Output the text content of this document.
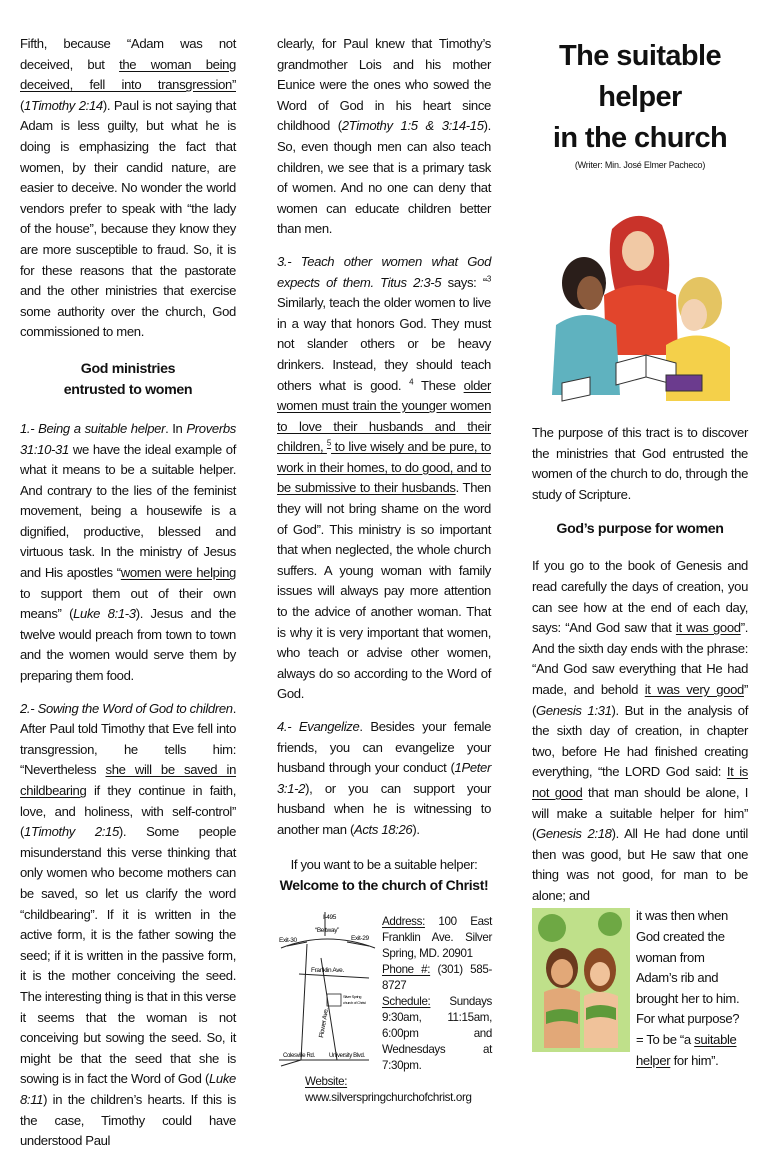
Fifth, because “Adam was not deceived, but the woman being deceived, fell into transgression” (1Timothy 2:14). Paul is not saying that Adam is less guilty, but what he is doing is emphasizing the fact that women, by their candid nature, are easier to deceive. No wonder the world vendors prefer to speak with “the lady of the house”, because they know they are more susceptible to fraud. So, it is for these reasons that the pastorate and the other ministries that exercise some authority over the church, God commissioned to men.

God ministries
entrusted to women

1.- Being a suitable helper. In Proverbs 31:10-31 we have the ideal example of what it means to be a suitable helper. And contrary to the lies of the feminist movement, being a housewife is a dignified, productive, blessed and virtuous task. In the ministry of Jesus and His apostles “women were helping to support them out of their own means” (Luke 8:1-3). Jesus and the twelve would preach from town to town and the women would serve them by preparing them food.

2.- Sowing the Word of God to children. After Paul told Timothy that Eve fell into transgression, he tells him: “Nevertheless she will be saved in childbearing if they continue in faith, love, and holiness, with self-control” (1Timothy 2:15). Some people misunderstand this verse thinking that only women who become mothers can be saved, so let us clarify the word “childbearing”. If it is written in the active form, it is the father sowing the seed; if it is written in the passive form, it is the mother conceiving the seed. The interesting thing is that in this verse it seems that the woman is not conceiving but sowing the seed. So, it might be that the seed that she is sowing is in fact the Word of God (Luke 8:11) in the children’s hearts. If this is the case, Timothy could have understood Paul

clearly, for Paul knew that Timothy’s grandmother Lois and his mother Eunice were the ones who sowed the Word of God in his heart since childhood (2Timothy 1:5 & 3:14-15). So, even though men can also teach children, we see that is a primary task of women. And no one can deny that women can educate children better than men.

3.- Teach other women what God expects of them. Titus 2:3-5 says: “$^3$ Similarly, teach the older women to live in a way that honors God. They must not slander others or be heavy drinkers. Instead, they should teach others what is good. $^4$ These older women must train the younger women to love their husbands and their children, $^5$ to live wisely and be pure, to work in their homes, to do good, and to be submissive to their husbands. Then they will not bring shame on the word of God”. This ministry is so important that when neglected, the whole church suffers. A young woman with family issues will always pay more attention to the advice of another woman. That is why it is very important that women, who teach or advise other women, always do so according to the Word of God.

4.- Evangelize. Besides your female friends, you can evangelize your husband through your conduct (1Peter 3:1-2), or you can support your husband when he is witnessing to another man (Acts 18:26).

If you want to be a suitable helper:

Welcome to the church of Christ!

I-495
“Beltway”
Exit-30	Exit-29
Franklin Ave.
Silver Spring
church of Christ
Flower Ave.
Colesville Rd. University Blvd.
Address: 100 East Franklin Ave. Silver Spring, MD. 20901
Phone #: (301) 585-8727
Schedule: Sundays 9:30am, 11:15am, 6:00pm and Wednesdays at 7:30pm.
Website: www.silverspringchurchofchrist.org

The suitable helper
in the church

(Writer: Min. José Elmer Pacheco)

The purpose of this tract is to discover the ministries that God entrusted the women of the church to do, through the study of Scripture.

God’s purpose for women

If you go to the book of Genesis and read carefully the days of creation, you can see how at the end of each day, says: “And God saw that it was good”. And the sixth day ends with the phrase: “And God saw everything that He had made, and behold it was very good” (Genesis 1:31). But in the analysis of the sixth day of creation, in chapter two, before He had finished creating everything, “the LORD God said: It is not good that man should be alone, I will make a suitable helper for him” (Genesis 2:18). All He had done until then was good, but He saw that one thing was not good, for man to be alone; and

it was then when God created the woman from Adam’s rib and brought her to him. For what purpose? = To be “a suitable helper for him”.
